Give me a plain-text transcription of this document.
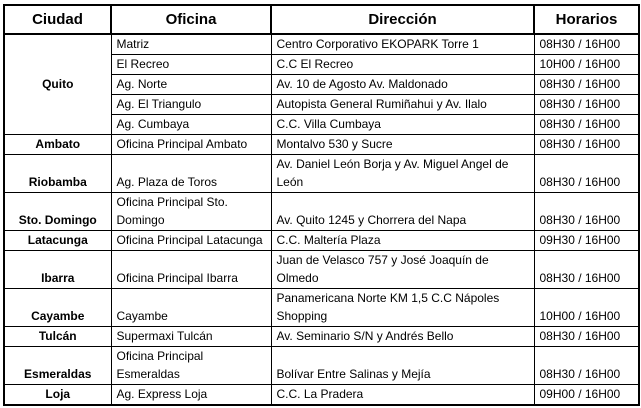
Ciudad	Oficina	Dirección	Horarios
Quito	Matriz	Centro Corporativo EKOPARK Torre 1	08H30 / 16H00
	El Recreo	C.C El Recreo	10H00 / 16H00
	Ag. Norte	Av. 10 de Agosto Av. Maldonado	08H30 / 16H00
	Ag. El Triangulo	Autopista General Rumiñahui y Av. Ilalo	08H30 / 16H00
	Ag. Cumbaya	C.C. Villa Cumbaya	08H30 / 16H00
Ambato	Oficina Principal Ambato	Montalvo 530 y Sucre	08H30 / 16H00
Riobamba	Ag. Plaza de Toros	Av. Daniel León Borja y Av. Miguel Angel de León	08H30 / 16H00
Sto. Domingo	Oficina Principal Sto. Domingo	Av. Quito 1245 y Chorrera del Napa	08H30 / 16H00
Latacunga	Oficina Principal Latacunga	C.C. Maltería Plaza	09H30 / 16H00
Ibarra	Oficina Principal Ibarra	Juan de Velasco 757 y José Joaquín de Olmedo	08H30 / 16H00
Cayambe	Cayambe	Panamericana Norte KM 1,5 C.C Nápoles Shopping	10H00 / 16H00
Tulcán	Supermaxi Tulcán	Av. Seminario S/N y Andrés Bello	08H30 / 16H00
Esmeraldas	Oficina Principal Esmeraldas	Bolívar Entre Salinas y Mejía	08H30 / 16H00
Loja	Ag. Express Loja	C.C. La Pradera	09H00 / 16H00
